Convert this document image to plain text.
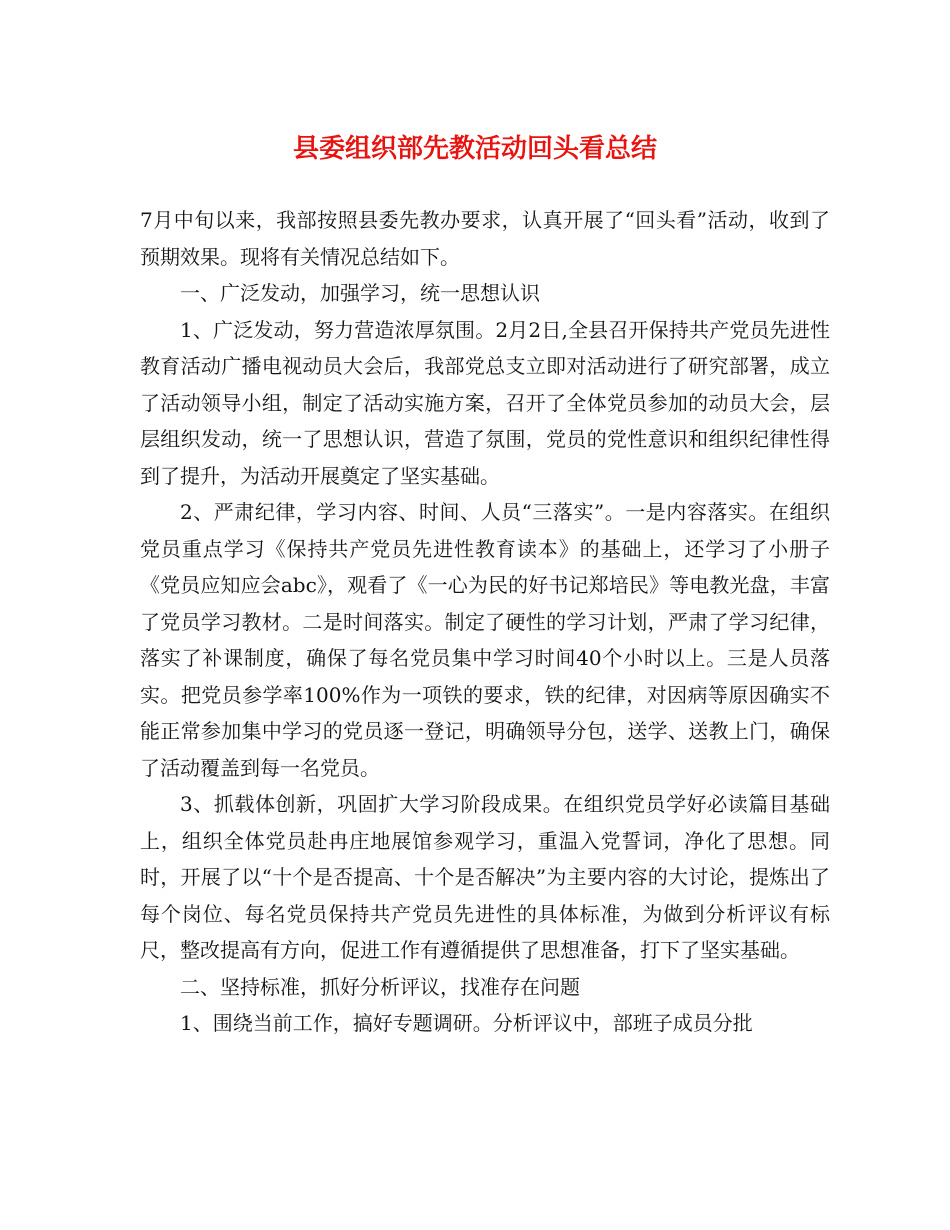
县委组织部先教活动回头看总结

7月中旬以来，我部按照县委先教办要求，认真开展了“回头看”活动，收到了预期效果。现将有关情况总结如下。

一、广泛发动，加强学习，统一思想认识

1、广泛发动，努力营造浓厚氛围。2月2日,全县召开保持共产党员先进性教育活动广播电视动员大会后，我部党总支立即对活动进行了研究部署，成立了活动领导小组，制定了活动实施方案，召开了全体党员参加的动员大会，层层组织发动，统一了思想认识，营造了氛围，党员的党性意识和组织纪律性得到了提升，为活动开展奠定了坚实基础。

2、严肃纪律，学习内容、时间、人员“三落实”。一是内容落实。在组织党员重点学习《保持共产党员先进性教育读本》的基础上，还学习了小册子《党员应知应会abc》，观看了《一心为民的好书记郑培民》等电教光盘，丰富了党员学习教材。二是时间落实。制定了硬性的学习计划，严肃了学习纪律，落实了补课制度，确保了每名党员集中学习时间40个小时以上。三是人员落实。把党员参学率100%作为一项铁的要求，铁的纪律，对因病等原因确实不能正常参加集中学习的党员逐一登记，明确领导分包，送学、送教上门，确保了活动覆盖到每一名党员。

3、抓载体创新，巩固扩大学习阶段成果。在组织党员学好必读篇目基础上，组织全体党员赴冉庄地展馆参观学习，重温入党誓词，净化了思想。同时，开展了以“十个是否提高、十个是否解决”为主要内容的大讨论，提炼出了每个岗位、每名党员保持共产党员先进性的具体标准，为做到分析评议有标尺，整改提高有方向，促进工作有遵循提供了思想准备，打下了坚实基础。

二、坚持标准，抓好分析评议，找准存在问题

1、围绕当前工作，搞好专题调研。分析评议中，部班子成员分批
